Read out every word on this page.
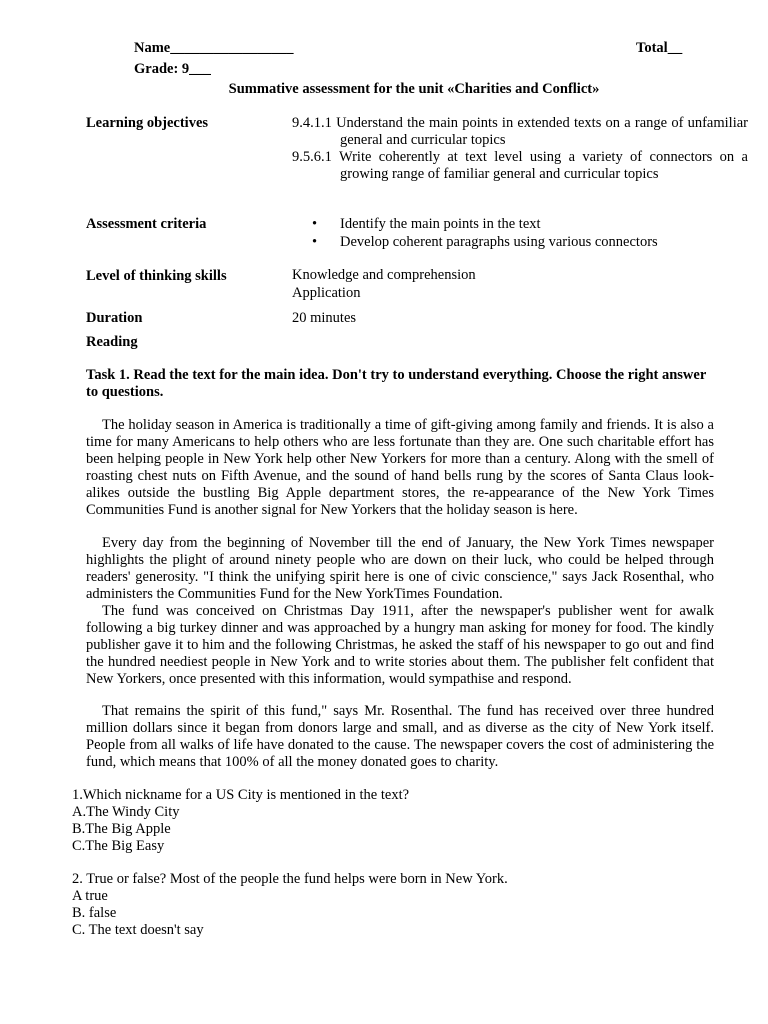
Name_________________	Total__
Grade: 9___
Summative assessment for the unit «Charities and Conflict»
Learning objectives	9.4.1.1 Understand the main points in extended texts on a range of unfamiliar general and curricular topics
9.5.6.1 Write coherently at text level using a variety of connectors on a growing range of familiar general and curricular topics
Assessment criteria	• Identify the main points in the text
• Develop coherent paragraphs using various connectors
Level of thinking skills	Knowledge and comprehension
Application
Duration	20 minutes
Reading
Task 1. Read the text for the main idea. Don't try to understand everything. Choose the right answer to questions.
The holiday season in America is traditionally a time of gift-giving among family and friends. It is also a time for many Americans to help others who are less fortunate than they are. One such charitable effort has been helping people in New York help other New Yorkers for more than a century. Along with the smell of roasting chest nuts on Fifth Avenue, and the sound of hand bells rung by the scores of Santa Claus look-alikes outside the bustling Big Apple department stores, the re-appearance of the New York Times Communities Fund is another signal for New Yorkers that the holiday season is here.
Every day from the beginning of November till the end of January, the New York Times newspaper highlights the plight of around ninety people who are down on their luck, who could be helped through readers' generosity. "I think the unifying spirit here is one of civic conscience," says Jack Rosenthal, who administers the Communities Fund for the New YorkTimes Foundation.
The fund was conceived on Christmas Day 1911, after the newspaper's publisher went for awalk following a big turkey dinner and was approached by a hungry man asking for money for food. The kindly publisher gave it to him and the following Christmas, he asked the staff of his newspaper to go out and find the hundred neediest people in New York and to write stories about them. The publisher felt confident that New Yorkers, once presented with this information, would sympathise and respond.
That remains the spirit of this fund," says Mr. Rosenthal. The fund has received over three hundred million dollars since it began from donors large and small, and as diverse as the city of New York itself. People from all walks of life have donated to the cause. The newspaper covers the cost of administering the fund, which means that 100% of all the money donated goes to charity.
1.Which nickname for a US City is mentioned in the text?
A.The Windy City
B.The Big Apple
C.The Big Easy
2. True or false? Most of the people the fund helps were born in New York.
A true
B. false
C. The text doesn't say
